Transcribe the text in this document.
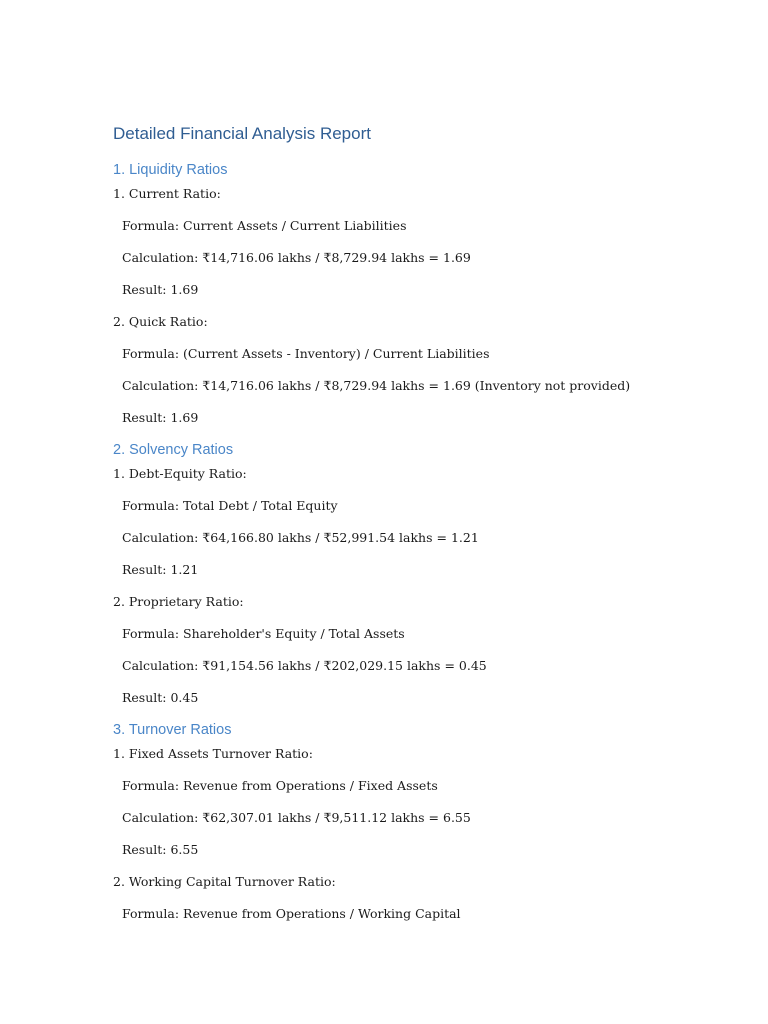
Detailed Financial Analysis Report
1. Liquidity Ratios
1. Current Ratio:
Formula: Current Assets / Current Liabilities
Calculation: ₹14,716.06 lakhs / ₹8,729.94 lakhs = 1.69
Result: 1.69
2. Quick Ratio:
Formula: (Current Assets - Inventory) / Current Liabilities
Calculation: ₹14,716.06 lakhs / ₹8,729.94 lakhs = 1.69 (Inventory not provided)
Result: 1.69
2. Solvency Ratios
1. Debt-Equity Ratio:
Formula: Total Debt / Total Equity
Calculation: ₹64,166.80 lakhs / ₹52,991.54 lakhs = 1.21
Result: 1.21
2. Proprietary Ratio:
Formula: Shareholder's Equity / Total Assets
Calculation: ₹91,154.56 lakhs / ₹202,029.15 lakhs = 0.45
Result: 0.45
3. Turnover Ratios
1. Fixed Assets Turnover Ratio:
Formula: Revenue from Operations / Fixed Assets
Calculation: ₹62,307.01 lakhs / ₹9,511.12 lakhs = 6.55
Result: 6.55
2. Working Capital Turnover Ratio:
Formula: Revenue from Operations / Working Capital
